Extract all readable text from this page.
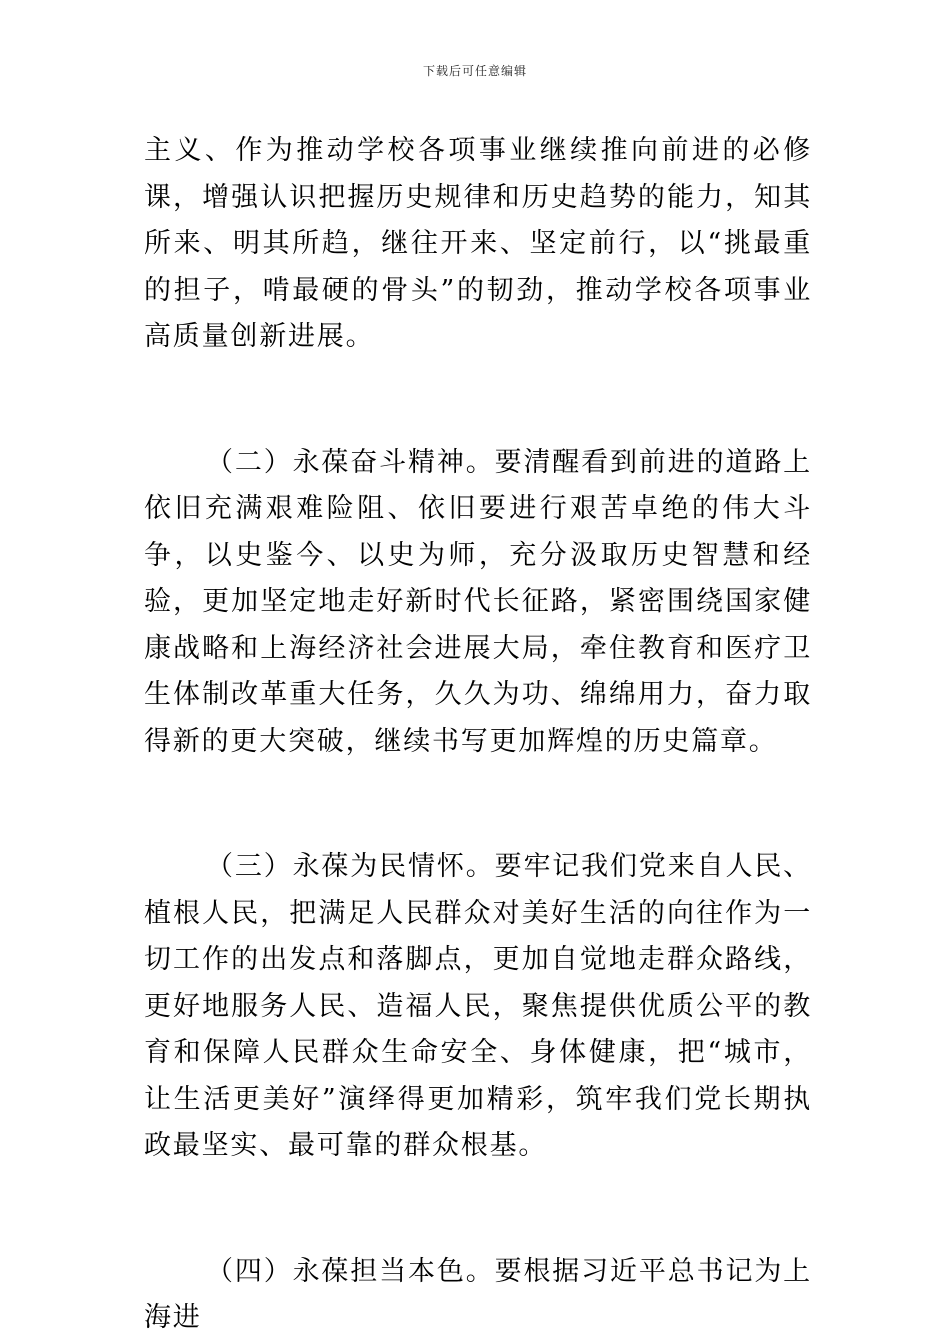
下载后可任意编辑

主义、作为推动学校各项事业继续推向前进的必修课，增强认识把握历史规律和历史趋势的能力，知其所来、明其所趋，继往开来、坚定前行，以“挑最重的担子，啃最硬的骨头”的韧劲，推动学校各项事业高质量创新进展。

（二）永葆奋斗精神。要清醒看到前进的道路上依旧充满艰难险阻、依旧要进行艰苦卓绝的伟大斗争，以史鉴今、以史为师，充分汲取历史智慧和经验，更加坚定地走好新时代长征路，紧密围绕国家健康战略和上海经济社会进展大局，牵住教育和医疗卫生体制改革重大任务，久久为功、绵绵用力，奋力取得新的更大突破，继续书写更加辉煌的历史篇章。

（三）永葆为民情怀。要牢记我们党来自人民、植根人民，把满足人民群众对美好生活的向往作为一切工作的出发点和落脚点，更加自觉地走群众路线，更好地服务人民、造福人民，聚焦提供优质公平的教育和保障人民群众生命安全、身体健康，把“城市，让生活更美好”演绎得更加精彩，筑牢我们党长期执政最坚实、最可靠的群众根基。

（四）永葆担当本色。要根据习近平总书记为上海进
